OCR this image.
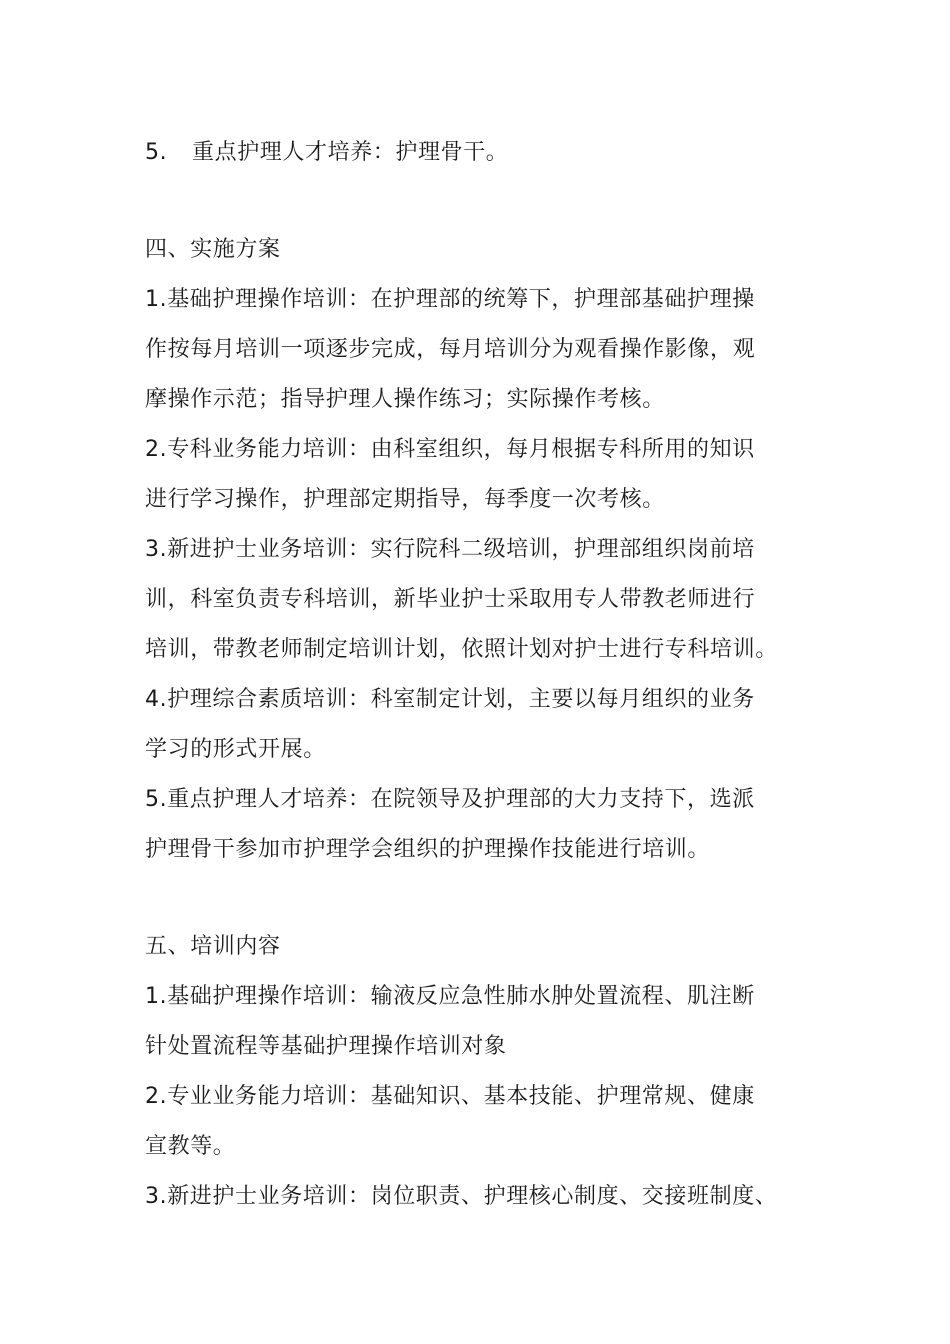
5. 重点护理人才培养：护理骨干。
四、实施方案
1.基础护理操作培训：在护理部的统筹下，护理部基础护理操
作按每月培训一项逐步完成，每月培训分为观看操作影像，观
摩操作示范；指导护理人操作练习；实际操作考核。
2.专科业务能力培训：由科室组织，每月根据专科所用的知识
进行学习操作，护理部定期指导，每季度一次考核。
3.新进护士业务培训：实行院科二级培训，护理部组织岗前培
训，科室负责专科培训，新毕业护士采取用专人带教老师进行
培训，带教老师制定培训计划，依照计划对护士进行专科培训。
4.护理综合素质培训：科室制定计划，主要以每月组织的业务
学习的形式开展。
5.重点护理人才培养：在院领导及护理部的大力支持下，选派
护理骨干参加市护理学会组织的护理操作技能进行培训。
五、培训内容
1.基础护理操作培训：输液反应急性肺水肿处置流程、肌注断
针处置流程等基础护理操作培训对象
2.专业业务能力培训：基础知识、基本技能、护理常规、健康
宣教等。
3.新进护士业务培训：岗位职责、护理核心制度、交接班制度、
